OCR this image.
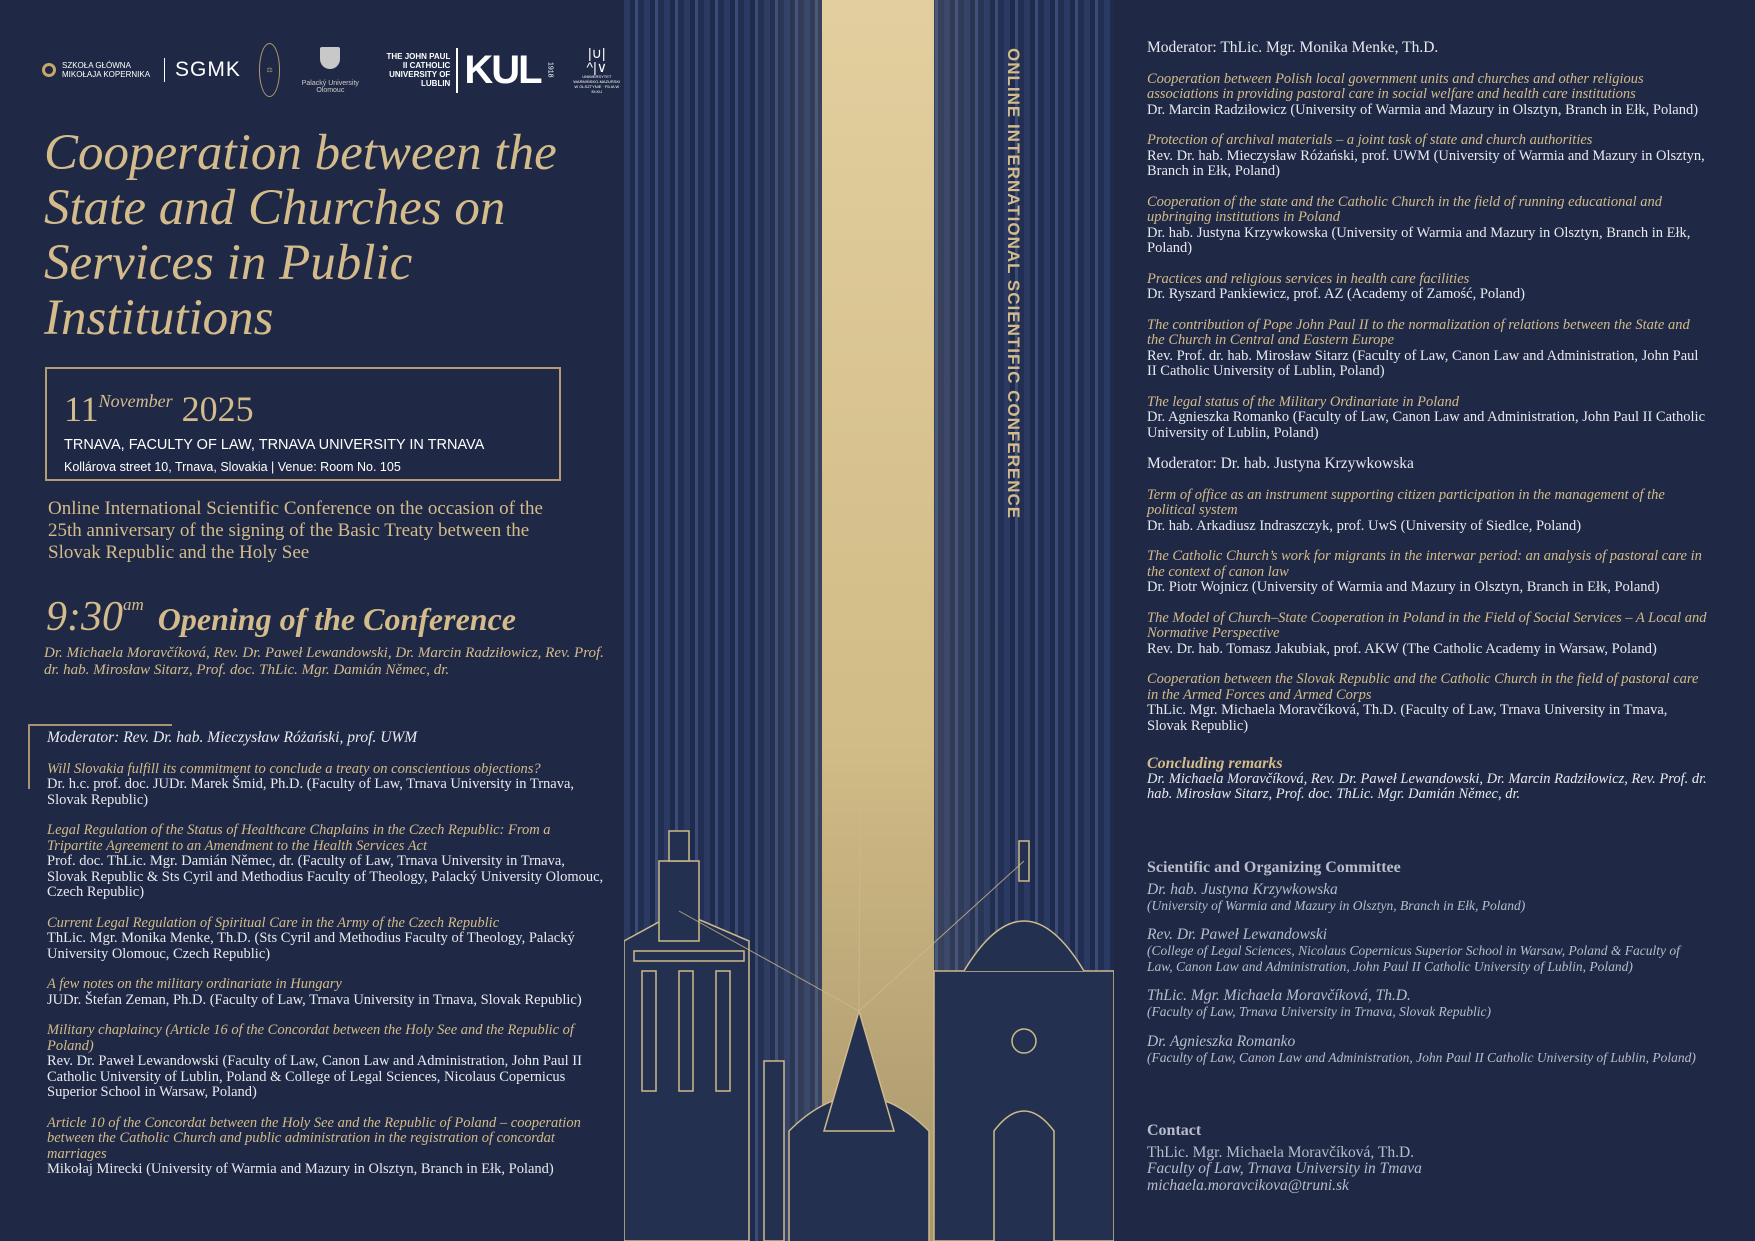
SZKOŁA GŁÓWNA MIKOŁAJA KOPERNIKA SGMK	⚖
Palacký University Olomouc
THE JOHN PAUL II CATHOLIC UNIVERSITY OF LUBLIN KUL 1918
|∪|
^|∨
UNIWERSYTET WARMIŃSKO-MAZURSKI W OLSZTYNIE · FILIA W EŁKU
Cooperation between the State and Churches on Services in Public Institutions
$11^{November}$ 2025
TRNAVA, FACULTY OF LAW, TRNAVA UNIVERSITY IN TRNAVA
Kollárova street 10, Trnava, Slovakia | Venue: Room No. 105

Online International Scientific Conference on the occasion of the 25th anniversary of the signing of the Basic Treaty between the Slovak Republic and the Holy See

$9:30^{am}$ Opening of the Conference

Dr. Michaela Moravčíková, Rev. Dr. Paweł Lewandowski, Dr. Marcin Radziłowicz, Rev. Prof. dr. hab. Mirosław Sitarz, Prof. doc. ThLic. Mgr. Damián Němec, dr.

Moderator: Rev. Dr. hab. Mieczysław Różański, prof. UWM
Will Slovakia fulfill its commitment to conclude a treaty on conscientious objections?
Dr. h.c. prof. doc. JUDr. Marek Šmid, Ph.D. (Faculty of Law, Trnava University in Trnava, Slovak Republic)
Legal Regulation of the Status of Healthcare Chaplains in the Czech Republic: From a Tripartite Agreement to an Amendment to the Health Services Act
Prof. doc. ThLic. Mgr. Damián Němec, dr. (Faculty of Law, Trnava University in Trnava, Slovak Republic & Sts Cyril and Methodius Faculty of Theology, Palacký University Olomouc, Czech Republic)
Current Legal Regulation of Spiritual Care in the Army of the Czech Republic
ThLic. Mgr. Monika Menke, Th.D. (Sts Cyril and Methodius Faculty of Theology, Palacký University Olomouc, Czech Republic)
A few notes on the military ordinariate in Hungary
JUDr. Štefan Zeman, Ph.D. (Faculty of Law, Trnava University in Trnava, Slovak Republic)
Military chaplaincy (Article 16 of the Concordat between the Holy See and the Republic of Poland)
Rev. Dr. Paweł Lewandowski (Faculty of Law, Canon Law and Administration, John Paul II Catholic University of Lublin, Poland & College of Legal Sciences, Nicolaus Copernicus Superior School in Warsaw, Poland)
Article 10 of the Concordat between the Holy See and the Republic of Poland – cooperation between the Catholic Church and public administration in the registration of concordat marriages
Mikołaj Mirecki (University of Warmia and Mazury in Olsztyn, Branch in Ełk, Poland)
ONLINE INTERNATIONAL SCIENTIFIC CONFERENCE
Moderator: ThLic. Mgr. Monika Menke, Th.D.
Cooperation between Polish local government units and churches and other religious associations in providing pastoral care in social welfare and health care institutions
Dr. Marcin Radziłowicz (University of Warmia and Mazury in Olsztyn, Branch in Ełk, Poland)
Protection of archival materials – a joint task of state and church authorities
Rev. Dr. hab. Mieczysław Różański, prof. UWM (University of Warmia and Mazury in Olsztyn, Branch in Ełk, Poland)
Cooperation of the state and the Catholic Church in the field of running educational and upbringing institutions in Poland
Dr. hab. Justyna Krzywkowska (University of Warmia and Mazury in Olsztyn, Branch in Ełk, Poland)
Practices and religious services in health care facilities
Dr. Ryszard Pankiewicz, prof. AZ (Academy of Zamość, Poland)
The contribution of Pope John Paul II to the normalization of relations between the State and the Church in Central and Eastern Europe
Rev. Prof. dr. hab. Mirosław Sitarz (Faculty of Law, Canon Law and Administration, John Paul II Catholic University of Lublin, Poland)
The legal status of the Military Ordinariate in Poland
Dr. Agnieszka Romanko (Faculty of Law, Canon Law and Administration, John Paul II Catholic University of Lublin, Poland)
Moderator: Dr. hab. Justyna Krzywkowska
Term of office as an instrument supporting citizen participation in the management of the political system
Dr. hab. Arkadiusz Indraszczyk, prof. UwS (University of Siedlce, Poland)
The Catholic Church’s work for migrants in the interwar period: an analysis of pastoral care in the context of canon law
Dr. Piotr Wojnicz (University of Warmia and Mazury in Olsztyn, Branch in Ełk, Poland)
The Model of Church–State Cooperation in Poland in the Field of Social Services – A Local and Normative Perspective
Rev. Dr. hab. Tomasz Jakubiak, prof. AKW (The Catholic Academy in Warsaw, Poland)
Cooperation between the Slovak Republic and the Catholic Church in the field of pastoral care in the Armed Forces and Armed Corps
ThLic. Mgr. Michaela Moravčíková, Th.D. (Faculty of Law, Trnava University in Tmava, Slovak Republic)
Concluding remarks
Dr. Michaela Moravčíková, Rev. Dr. Paweł Lewandowski, Dr. Marcin Radziłowicz, Rev. Prof. dr. hab. Mirosław Sitarz, Prof. doc. ThLic. Mgr. Damián Němec, dr.
Scientific and Organizing Committee
Dr. hab. Justyna Krzywkowska
(University of Warmia and Mazury in Olsztyn, Branch in Ełk, Poland)
Rev. Dr. Paweł Lewandowski
(College of Legal Sciences, Nicolaus Copernicus Superior School in Warsaw, Poland & Faculty of Law, Canon Law and Administration, John Paul II Catholic University of Lublin, Poland)
ThLic. Mgr. Michaela Moravčíková, Th.D.
(Faculty of Law, Trnava University in Trnava, Slovak Republic)
Dr. Agnieszka Romanko
(Faculty of Law, Canon Law and Administration, John Paul II Catholic University of Lublin, Poland)
Contact
ThLic. Mgr. Michaela Moravčíková, Th.D.
Faculty of Law, Trnava University in Tmava
michaela.moravcikova@truni.sk
